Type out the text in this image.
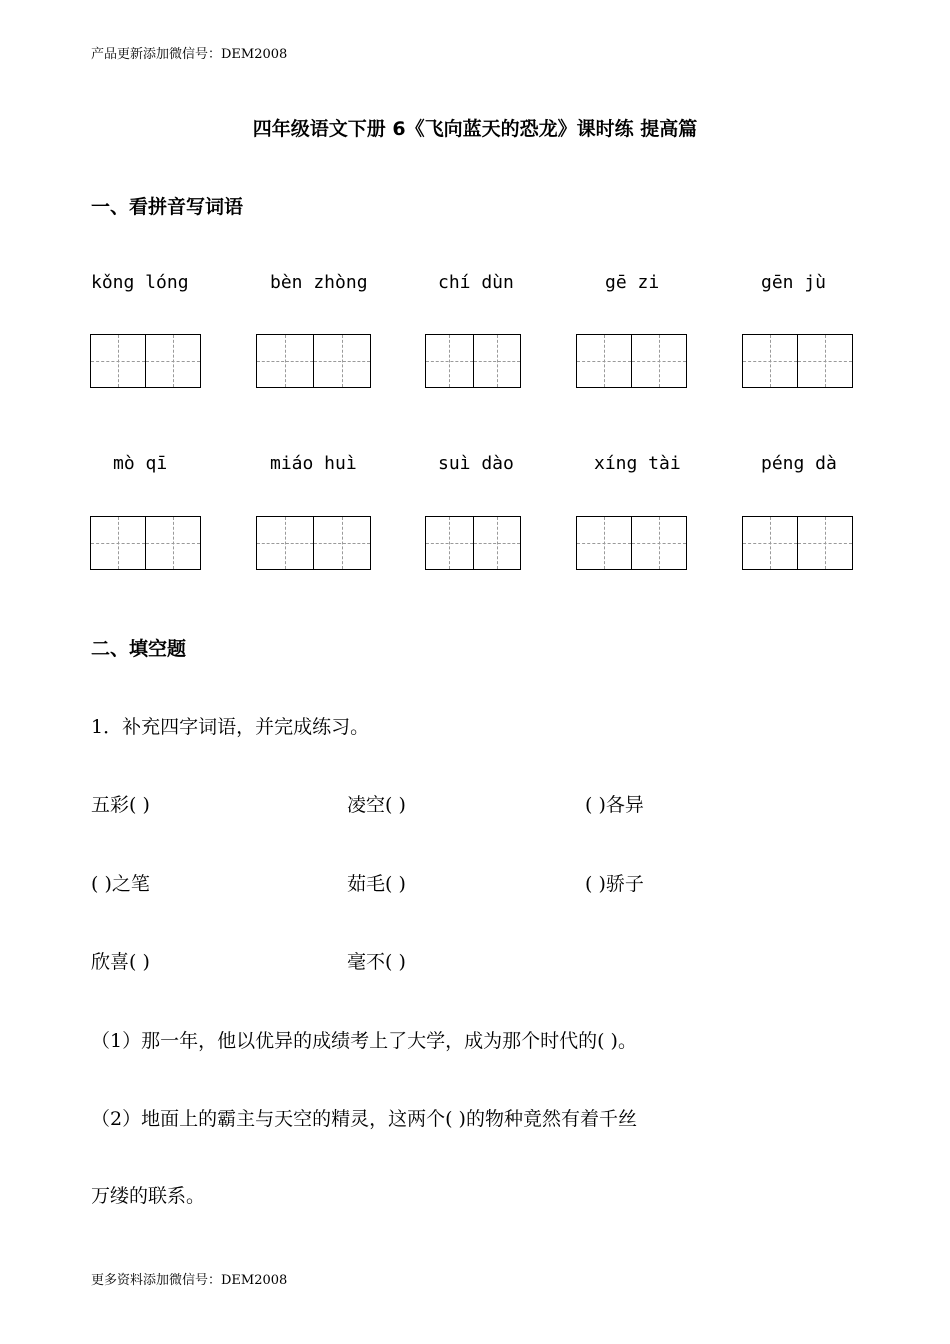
产品更新添加微信号：DEM2008
四年级语文下册 6《飞向蓝天的恐龙》课时练 提高篇
一、看拼音写词语
kǒng lóng	bèn zhòng	chí dùn	gē zi	gēn jù
mò qī	miáo huì	suì dào	xíng tài	péng dà
二、填空题
1．补充四字词语，并完成练习。
五彩( )	凌空( )	( )各异
( )之笔	茹毛( )	( )骄子
欣喜( )	毫不( )
（1）那一年，他以优异的成绩考上了大学，成为那个时代的( )。
（2）地面上的霸主与天空的精灵，这两个( )的物种竟然有着千丝
万缕的联系。
更多资料添加微信号：DEM2008
